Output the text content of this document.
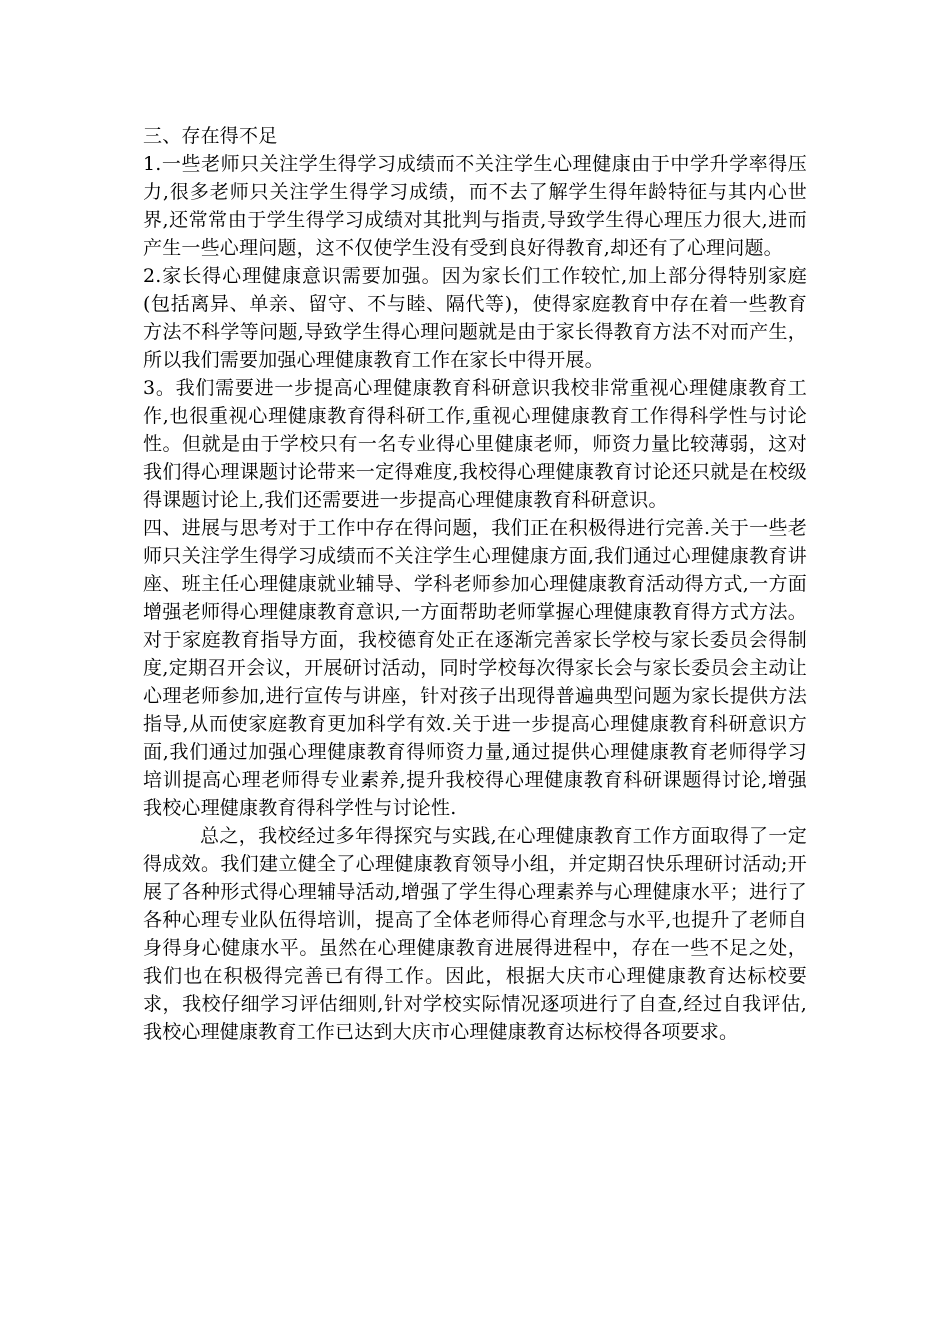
三、存在得不足

1.一些老师只关注学生得学习成绩而不关注学生心理健康由于中学升学率得压力,很多老师只关注学生得学习成绩，而不去了解学生得年龄特征与其内心世界,还常常由于学生得学习成绩对其批判与指责,导致学生得心理压力很大,进而产生一些心理问题，这不仅使学生没有受到良好得教育,却还有了心理问题。

2.家长得心理健康意识需要加强。因为家长们工作较忙,加上部分得特别家庭(包括离异、单亲、留守、不与睦、隔代等)，使得家庭教育中存在着一些教育方法不科学等问题,导致学生得心理问题就是由于家长得教育方法不对而产生，所以我们需要加强心理健康教育工作在家长中得开展。

3。我们需要进一步提高心理健康教育科研意识我校非常重视心理健康教育工作,也很重视心理健康教育得科研工作,重视心理健康教育工作得科学性与讨论性。但就是由于学校只有一名专业得心里健康老师，师资力量比较薄弱，这对我们得心理课题讨论带来一定得难度,我校得心理健康教育讨论还只就是在校级得课题讨论上,我们还需要进一步提高心理健康教育科研意识。

四、进展与思考对于工作中存在得问题，我们正在积极得进行完善.关于一些老师只关注学生得学习成绩而不关注学生心理健康方面,我们通过心理健康教育讲座、班主任心理健康就业辅导、学科老师参加心理健康教育活动得方式,一方面增强老师得心理健康教育意识,一方面帮助老师掌握心理健康教育得方式方法。对于家庭教育指导方面，我校德育处正在逐渐完善家长学校与家长委员会得制度,定期召开会议，开展研讨活动，同时学校每次得家长会与家长委员会主动让心理老师参加,进行宣传与讲座，针对孩子出现得普遍典型问题为家长提供方法指导,从而使家庭教育更加科学有效.关于进一步提高心理健康教育科研意识方面,我们通过加强心理健康教育得师资力量,通过提供心理健康教育老师得学习培训提高心理老师得专业素养,提升我校得心理健康教育科研课题得讨论,增强我校心理健康教育得科学性与讨论性.

总之，我校经过多年得探究与实践,在心理健康教育工作方面取得了一定得成效。我们建立健全了心理健康教育领导小组，并定期召快乐理研讨活动;开展了各种形式得心理辅导活动,增强了学生得心理素养与心理健康水平；进行了各种心理专业队伍得培训，提高了全体老师得心育理念与水平,也提升了老师自身得身心健康水平。虽然在心理健康教育进展得进程中，存在一些不足之处，我们也在积极得完善已有得工作。因此，根据大庆市心理健康教育达标校要求，我校仔细学习评估细则,针对学校实际情况逐项进行了自查,经过自我评估,我校心理健康教育工作已达到大庆市心理健康教育达标校得各项要求。
